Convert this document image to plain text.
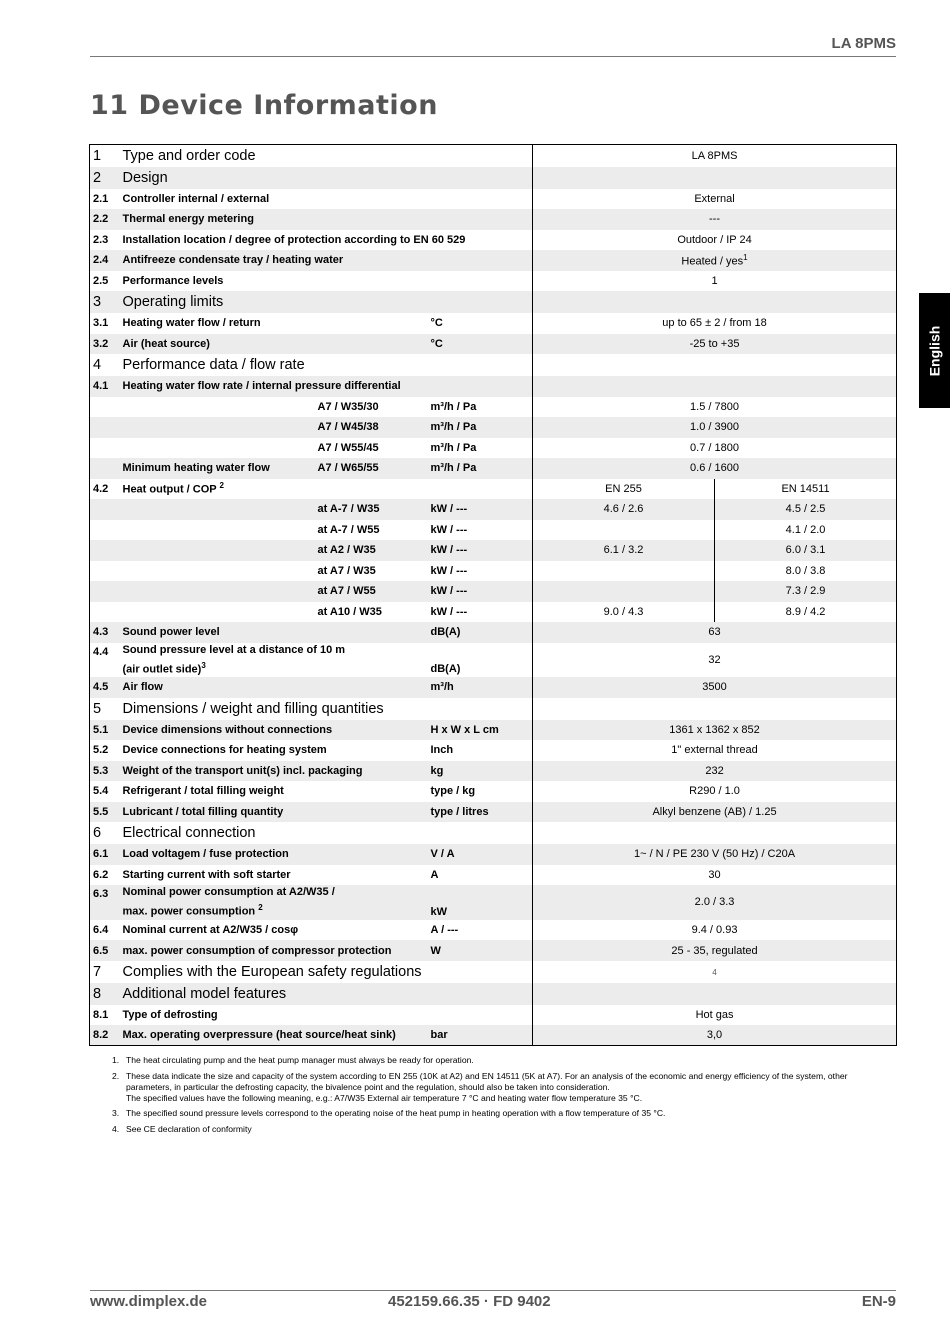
LA 8PMS
11 Device Information
English
1	Type and order code			LA 8PMS	
2	Design				
2.1	Controller internal / external			External	
2.2	Thermal energy metering			---	
2.3	Installation location / degree of protection according to EN 60 529			Outdoor / IP 24	
2.4	Antifreeze condensate tray / heating water			Heated / yes$^1$
2.5	Performance levels			1	
3	Operating limits				
3.1	Heating water flow / return		°C	up to 65 ± 2 / from 18	
3.2	Air (heat source)		°C	-25 to +35	
4	Performance data / flow rate				
4.1	Heating water flow rate / internal pressure differential				
		A7 / W35/30	m³/h / Pa	1.5 / 7800	
		A7 / W45/38	m³/h / Pa	1.0 / 3900	
		A7 / W55/45	m³/h / Pa	0.7 / 1800	
	Minimum heating water flow	A7 / W65/55	m³/h / Pa	0.6 / 1600	
4.2	Heat output / COP $^2$			EN 255	EN 14511
		at A-7 / W35	kW / ---	4.6 / 2.6	4.5 / 2.5
		at A-7 / W55	kW / ---		4.1 / 2.0
		at A2 / W35	kW / ---	6.1 / 3.2	6.0 / 3.1
		at A7 / W35	kW / ---		8.0 / 3.8
		at A7 / W55	kW / ---		7.3 / 2.9
		at A10 / W35	kW / ---	9.0 / 4.3	8.9 / 4.2
4.3	Sound power level		dB(A)	63	
4.4	Sound pressure level at a distance of 10 m
(air outlet side)$^3$		dB(A)	32	
4.5	Air flow		m³/h	3500	
5	Dimensions / weight and filling quantities				
5.1	Device dimensions without connections		H x W x L cm	1361 x 1362 x 852	
5.2	Device connections for heating system		Inch	1" external thread	
5.3	Weight of the transport unit(s) incl. packaging		kg	232	
5.4	Refrigerant / total filling weight		type / kg	R290 / 1.0	
5.5	Lubricant / total filling quantity		type / litres	Alkyl benzene (AB) / 1.25	
6	Electrical connection				
6.1	Load voltagem / fuse protection		V / A	1~ / N / PE 230 V (50 Hz) / C20A	
6.2	Starting current with soft starter		A	30	
6.3	Nominal power consumption at A2/W35 /
max. power consumption $^2$		kW	2.0 / 3.3	
6.4	Nominal current at A2/W35 / cosφ		A / ---	9.4 / 0.93	
6.5	max. power consumption of compressor protection		W	25 - 35, regulated	
7	Complies with the European safety regulations			4	
8	Additional model features				
8.1	Type of defrosting			Hot gas	
8.2	Max. operating overpressure (heat source/heat sink)		bar	3,0	
1. The heat circulating pump and the heat pump manager must always be ready for operation.
2. These data indicate the size and capacity of the system according to EN 255 (10K at A2) and EN 14511 (5K at A7). For an analysis of the economic and energy efficiency of the system, other parameters, in particular the defrosting capacity, the bivalence point and the regulation, should also be taken into consideration.
The specified values have the following meaning, e.g.: A7/W35 External air temperature 7 °C and heating water flow temperature 35 °C.
3. The specified sound pressure levels correspond to the operating noise of the heat pump in heating operation with a flow temperature of 35 °C.
4. See CE declaration of conformity
www.dimplex.de	452159.66.35 · FD 9402	EN-9
